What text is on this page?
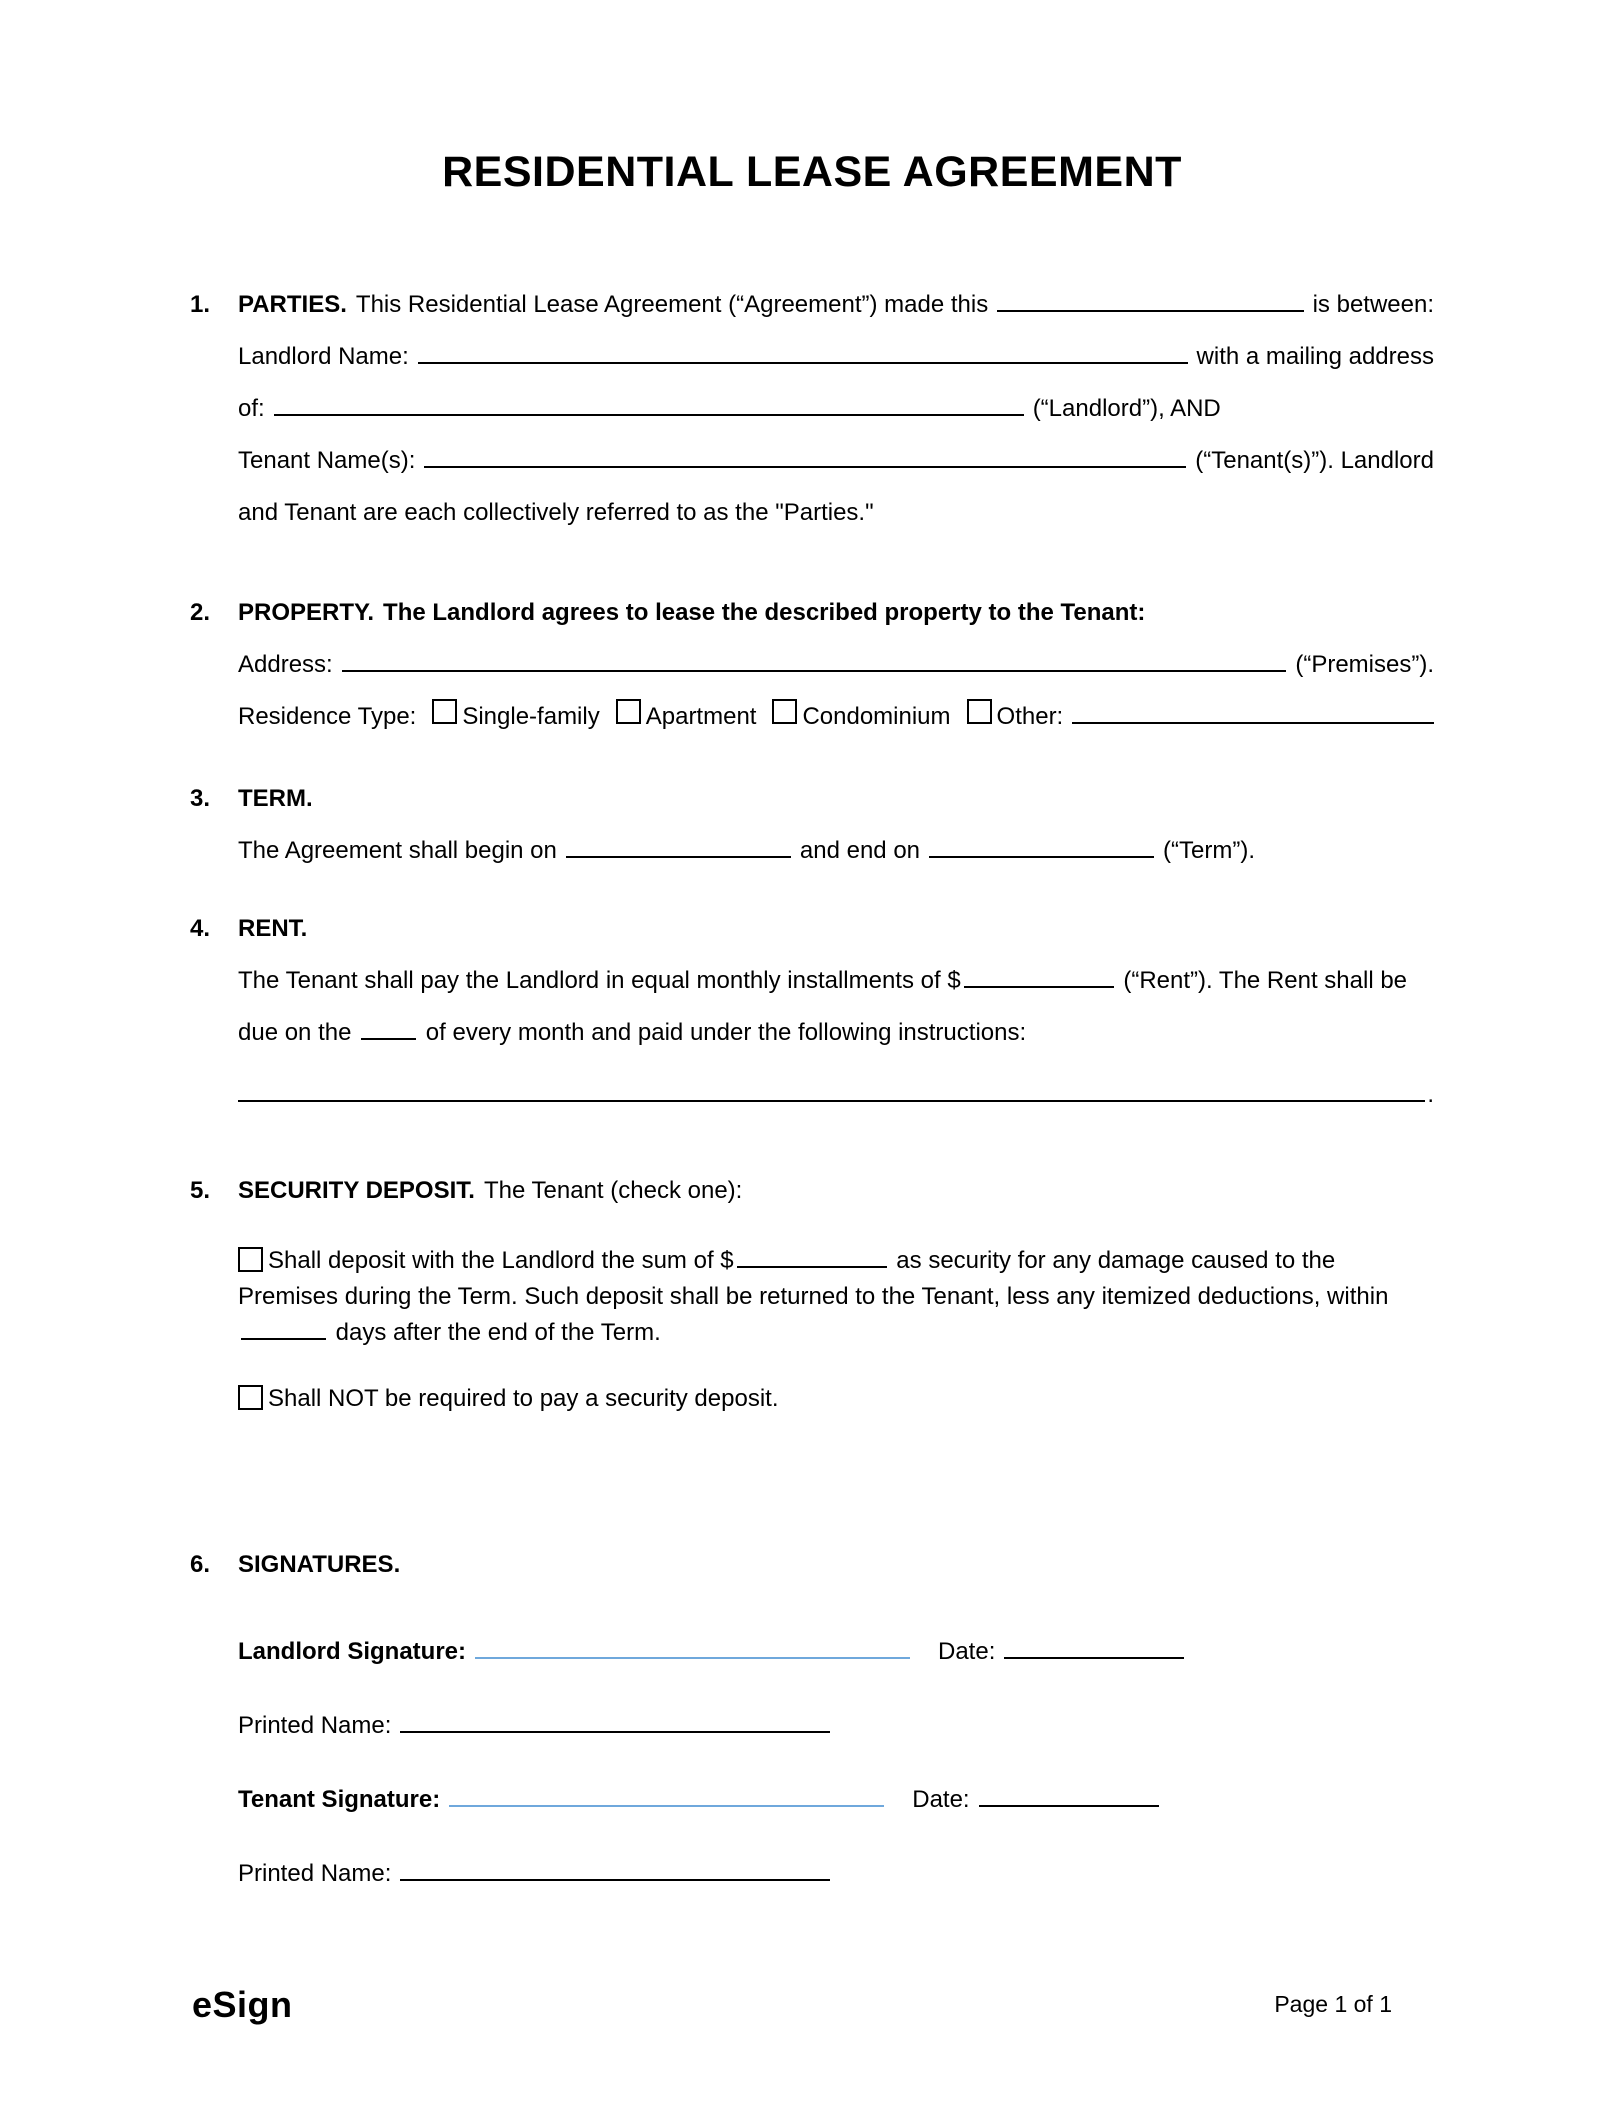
RESIDENTIAL LEASE AGREEMENT
1.	PARTIES. This Residential Lease Agreement (“Agreement”) made this	is between:
Landlord Name:	with a mailing address
of:	(“Landlord”), AND
Tenant Name(s):	(“Tenant(s)”). Landlord
and Tenant are each collectively referred to as the "Parties."
2.	PROPERTY. The Landlord agrees to lease the described property to the Tenant:
Address:	(“Premises”).
Residence Type: Single-family Apartment Condominium Other:
3.	TERM.
The Agreement shall begin on	and end on	(“Term”).
4.	RENT.

The Tenant shall pay the Landlord in equal monthly installments of $	(“Rent”). The Rent shall be due on the	of every month and paid under the following instructions:

.
5.	SECURITY DEPOSIT. The Tenant (check one):

Shall deposit with the Landlord the sum of $	as security for any damage caused to the Premises during the Term. Such deposit shall be returned to the Tenant, less any itemized deductions, within  days after the end of the Term.

Shall NOT be required to pay a security deposit.

6.	SIGNATURES.
Landlord Signature:	Date:
Printed Name:
Tenant Signature:	Date:
Printed Name:
eSign	Page 1 of 1
